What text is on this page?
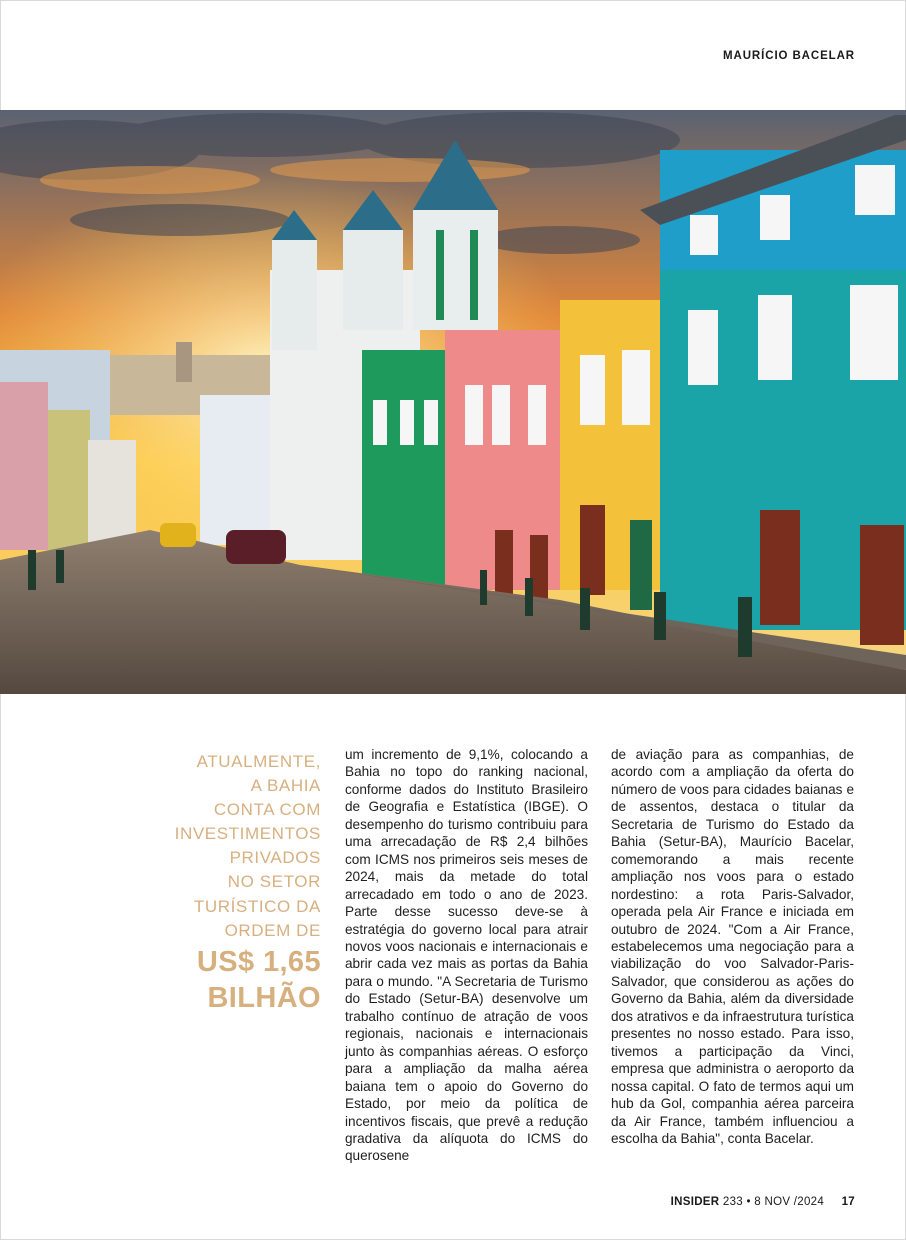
MAURÍCIO BACELAR
ATUALMENTE,
A BAHIA
CONTA COM
INVESTIMENTOS
PRIVADOS
NO SETOR
TURÍSTICO DA
ORDEM DE
US$ 1,65
BILHÃO
um incremento de 9,1%, colocando a Bahia no topo do ranking nacional, conforme dados do Instituto Brasileiro de Geografia e Estatística (IBGE). O desempenho do turismo contribuiu para uma arrecadação de R$ 2,4 bilhões com ICMS nos primeiros seis meses de 2024, mais da metade do total arrecadado em todo o ano de 2023. Parte desse sucesso deve-se à estratégia do governo local para atrair novos voos nacionais e internacionais e abrir cada vez mais as portas da Bahia para o mundo. "A Secretaria de Turismo do Estado (Setur-BA) desenvolve um trabalho contínuo de atração de voos regionais, nacionais e internacionais junto às companhias aéreas. O esforço para a ampliação da malha aérea baiana tem o apoio do Governo do Estado, por meio da política de incentivos fiscais, que prevê a redução gradativa da alíquota do ICMS do querosene
de aviação para as companhias, de acordo com a ampliação da oferta do número de voos para cidades baianas e de assentos, destaca o titular da Secretaria de Turismo do Estado da Bahia (Setur-BA), Maurício Bacelar, comemorando a mais recente ampliação nos voos para o estado nordestino: a rota Paris-Salvador, operada pela Air France e iniciada em outubro de 2024. "Com a Air France, estabelecemos uma negociação para a viabilização do voo Salvador-Paris-Salvador, que considerou as ações do Governo da Bahia, além da diversidade dos atrativos e da infraestrutura turística presentes no nosso estado. Para isso, tivemos a participação da Vinci, empresa que administra o aeroporto da nossa capital. O fato de termos aqui um hub da Gol, companhia aérea parceira da Air France, também influenciou a escolha da Bahia", conta Bacelar.
INSIDER 233 • 8 NOV /2024 17
